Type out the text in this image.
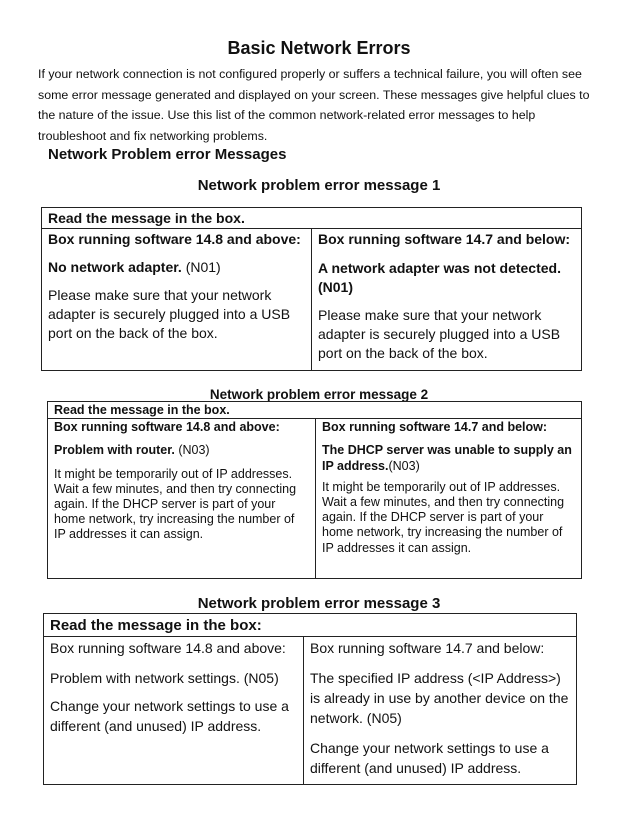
Basic Network Errors
If your network connection is not configured properly or suffers a technical failure, you will often see some error message generated and displayed on your screen. These messages give helpful clues to the nature of the issue. Use this list of the common network-related error messages to help troubleshoot and fix networking problems.
Network Problem error Messages
Network problem error message 1
Read the message in the box.

Box running software 14.8 and above:

No network adapter. (N01)

Please make sure that your network adapter is securely plugged into a USB port on the back of the box.

Box running software 14.7 and below:

A network adapter was not detected. (N01)

Please make sure that your network adapter is securely plugged into a USB port on the back of the box.

Network problem error message 2
Read the message in the box.

Box running software 14.8 and above:

Problem with router. (N03)

It might be temporarily out of IP addresses. Wait a few minutes, and then try connecting again. If the DHCP server is part of your home network, try increasing the number of IP addresses it can assign.

Box running software 14.7 and below:

The DHCP server was unable to supply an IP address.(N03)

It might be temporarily out of IP addresses. Wait a few minutes, and then try connecting again. If the DHCP server is part of your home network, try increasing the number of IP addresses it can assign.

Network problem error message 3
Read the message in the box:

Box running software 14.8 and above:

Problem with network settings. (N05)

Change your network settings to use a different (and unused) IP address.

Box running software 14.7 and below:

The specified IP address (<IP Address>) is already in use by another device on the network. (N05)

Change your network settings to use a different (and unused) IP address.
